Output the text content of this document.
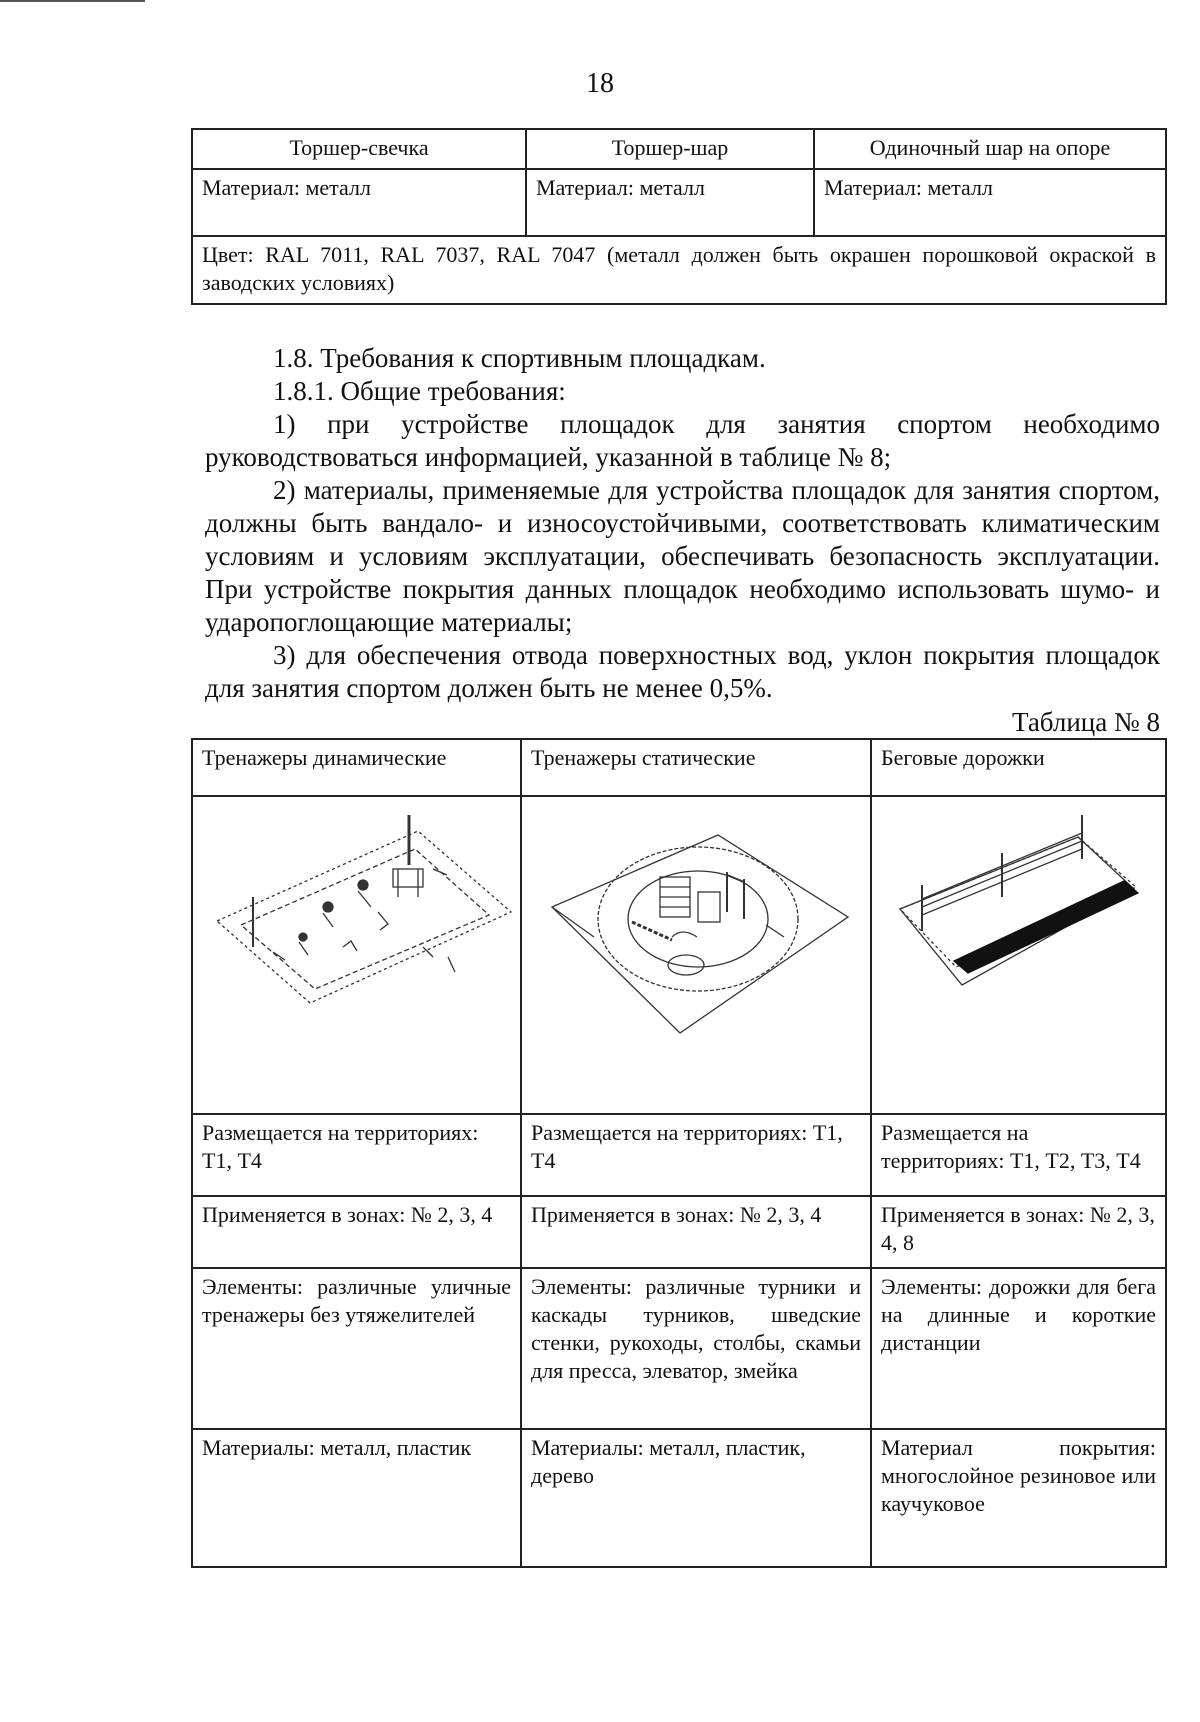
18
Торшер-свечка	Торшер-шар	Одиночный шар на опоре
Материал: металл	Материал: металл	Материал: металл
Цвет: RAL 7011, RAL 7037, RAL 7047 (металл должен быть окрашен порошковой окраской в заводских условиях)		
1.8. Требования к спортивным площадкам.
1.8.1. Общие требования:
1) при устройстве площадок для занятия спортом необходимо руководствоваться информацией, указанной в таблице № 8;
2) материалы, применяемые для устройства площадок для занятия спортом, должны быть вандало- и износоустойчивыми, соответствовать климатическим условиям и условиям эксплуатации, обеспечивать безопасность эксплуатации. При устройстве покрытия данных площадок необходимо использовать шумо- и ударопоглощающие материалы;
3) для обеспечения отвода поверхностных вод, уклон покрытия площадок для занятия спортом должен быть не менее 0,5%.
Таблица № 8
Тренажеры динамические	Тренажеры статические	Беговые дорожки

Размещается на территориях: Т1, Т4	Размещается на территориях: Т1, Т4	Размещается на территориях: Т1, Т2, Т3, Т4
Применяется в зонах: № 2, 3, 4	Применяется в зонах: № 2, 3, 4	Применяется в зонах: № 2, 3, 4, 8
Элементы: различные уличные тренажеры без утяжелителей	Элементы: различные турники и каскады турников, шведские стенки, рукоходы, столбы, скамьи для пресса, элеватор, змейка	Элементы: дорожки для бега на длинные и короткие дистанции
Материалы: металл, пластик	Материалы: металл, пластик, дерево	Материал покрытия: многослойное резиновое или каучуковое
